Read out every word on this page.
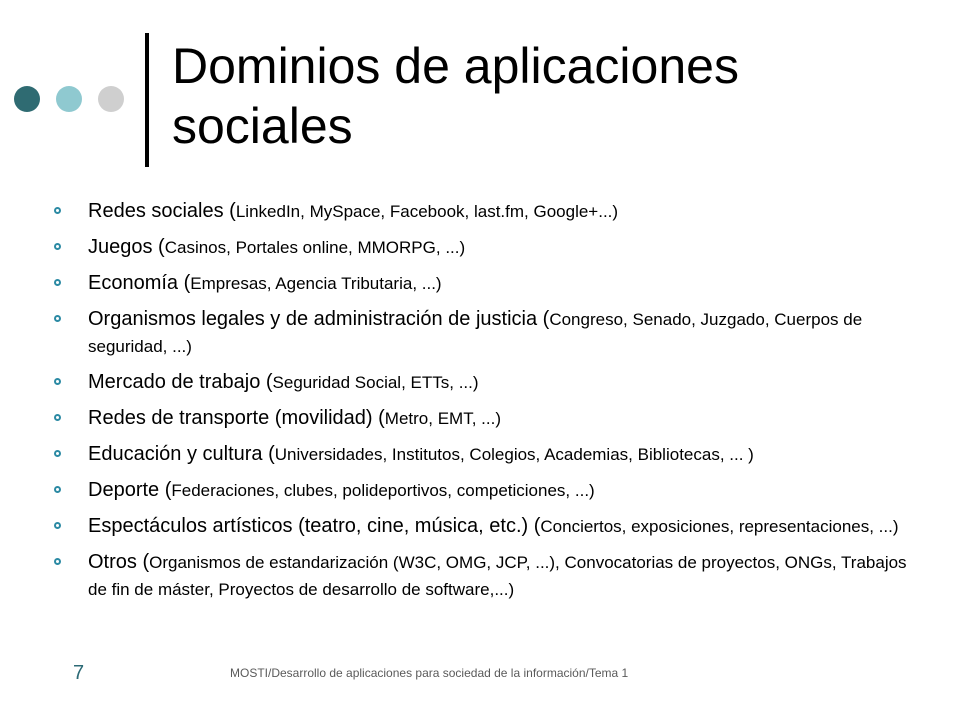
Dominios de aplicaciones sociales
Redes sociales (LinkedIn, MySpace, Facebook, last.fm, Google+...)
Juegos (Casinos, Portales online, MMORPG, ...)
Economía (Empresas, Agencia Tributaria, ...)
Organismos legales y de administración de justicia (Congreso, Senado, Juzgado, Cuerpos de seguridad, ...)
Mercado de trabajo (Seguridad Social, ETTs, ...)
Redes de transporte (movilidad) (Metro, EMT, ...)
Educación y cultura (Universidades, Institutos, Colegios, Academias, Bibliotecas, ... )
Deporte (Federaciones, clubes, polideportivos, competiciones, ...)
Espectáculos artísticos (teatro, cine, música, etc.) (Conciertos, exposiciones, representaciones, ...)
Otros (Organismos de estandarización (W3C, OMG, JCP, ...), Convocatorias de proyectos, ONGs, Trabajos de fin de máster, Proyectos de desarrollo de software,...)
7	MOSTI/Desarrollo de aplicaciones para sociedad de la información/Tema 1
